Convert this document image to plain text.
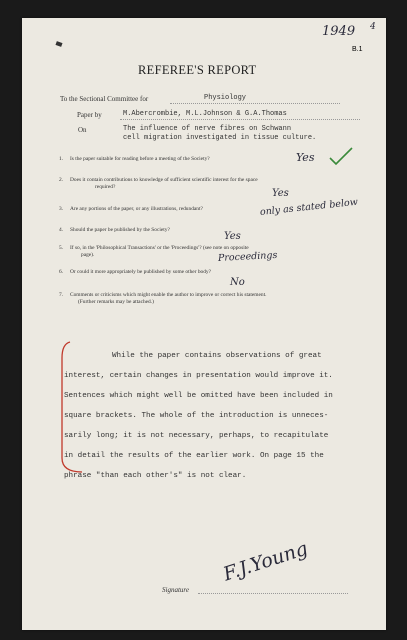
1949 4
B.1
REFEREE'S REPORT
To the Sectional Committee for	Physiology
Paper by	M.Abercrombie, M.L.Johnson & G.A.Thomas
On	The influence of nerve fibres on Schwann
cell migration investigated in tissue culture.
1. Is the paper suitable for reading before a meeting of the Society?	Yes
2. Does it contain contributions to knowledge of sufficient scientific interest for the space
required?
Yes
3. Are any portions of the paper, or any illustrations, redundant?	only as stated below
4. Should the paper be published by the Society?
Yes
5. If so, in the 'Philosophical Transactions' or the 'Proceedings'? (see note on opposite
page).	Proceedings
6. Or could it more appropriately be published by some other body?
No
7. Comments or criticisms which might enable the author to improve or correct his statement.
(Further remarks may be attached.)
While the paper contains observations of great
interest, certain changes in presentation would improve it.
Sentences which might well be omitted have been included in
square brackets. The whole of the introduction is unneces-
sarily long; it is not necessary, perhaps, to recapitulate
in detail the results of the earlier work. On page 15 the
phrase "than each other's" is not clear.
Signature
F.J.Young
